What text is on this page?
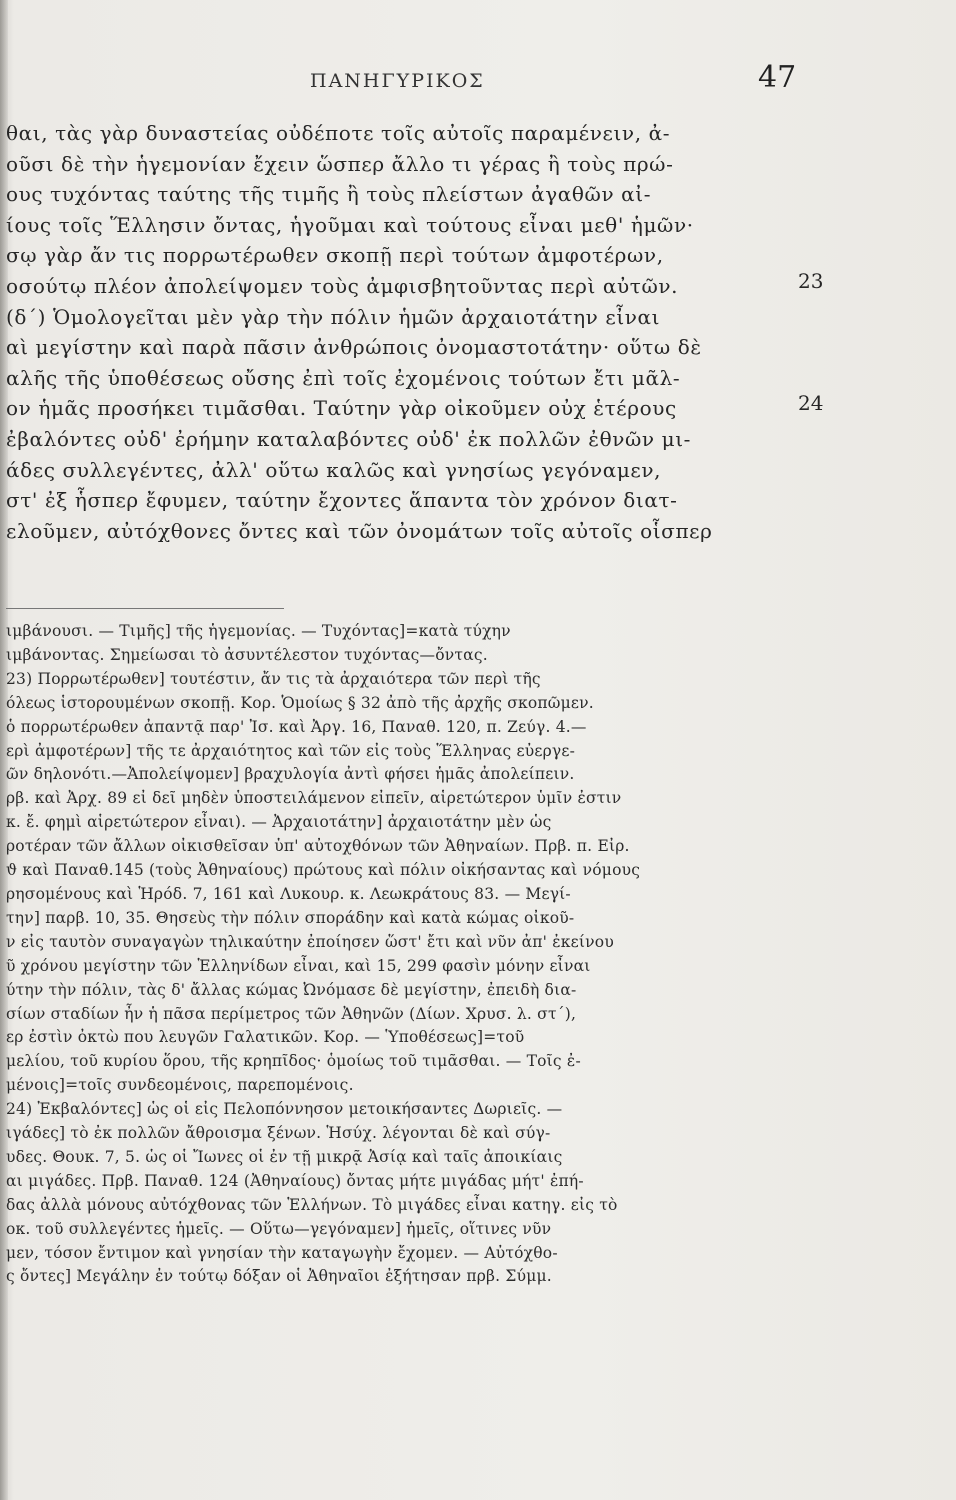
ΠΑΝΗΓΥΡΙΚΟΣ	47
θαι, τὰς γὰρ δυναστείας οὐδέποτε τοῖς αὐτοῖς παραμένειν, ἀ-
οῦσι δὲ τὴν ἡγεμονίαν ἔχειν ὥσπερ ἄλλο τι γέρας ἢ τοὺς πρώ-
ους τυχόντας ταύτης τῆς τιμῆς ἢ τοὺς πλείστων ἀγαθῶν αἰ-
ίους τοῖς Ἕλλησιν ὄντας, ἡγοῦμαι καὶ τούτους εἶναι μεθ' ἡμῶν·
σῳ γὰρ ἄν τις πορρωτέρωθεν σκοπῇ περὶ τούτων ἀμφοτέρων,
οσούτῳ πλέον ἀπολείψομεν τοὺς ἀμφισβητοῦντας περὶ αὐτῶν.
(δ΄) Ὁμολογεῖται μὲν γὰρ τὴν πόλιν ἡμῶν ἀρχαιοτάτην εἶναι
αὶ μεγίστην καὶ παρὰ πᾶσιν ἀνθρώποις ὀνομαστοτάτην· οὕτω δὲ
αλῆς τῆς ὑποθέσεως οὔσης ἐπὶ τοῖς ἐχομένοις τούτων ἔτι μᾶλ-
ον ἡμᾶς προσήκει τιμᾶσθαι. Ταύτην γὰρ οἰκοῦμεν οὐχ ἑτέρους
ἐβαλόντες οὐδ' ἐρήμην καταλαβόντες οὐδ' ἐκ πολλῶν ἐθνῶν μι-
άδες συλλεγέντες, ἀλλ' οὕτω καλῶς καὶ γνησίως γεγόναμεν,
στ' ἐξ ἧσπερ ἔφυμεν, ταύτην ἔχοντες ἅπαντα τὸν χρόνον διατ-
ελοῦμεν, αὐτόχθονες ὄντες καὶ τῶν ὀνομάτων τοῖς αὐτοῖς οἷσπερ
23
24
ιμβάνουσι. — Τιμῆς] τῆς ἡγεμονίας. — Τυχόντας]=κατὰ τύχην
ιμβάνοντας. Σημείωσαι τὸ ἀσυντέλεστον τυχόντας—ὄντας.
23) Πορρωτέρωθεν] τουτέστιν, ἄν τις τὰ ἀρχαιότερα τῶν περὶ τῆς
όλεως ἱστορουμένων σκοπῇ. Κορ. Ὁμοίως § 32 ἀπὸ τῆς ἀρχῆς σκοπῶμεν.
ὁ πορρωτέρωθεν ἀπαντᾷ παρ' Ἰσ. καὶ Ἀργ. 16, Παναθ. 120, π. Ζεύγ. 4.—
ερὶ ἀμφοτέρων] τῆς τε ἀρχαιότητος καὶ τῶν εἰς τοὺς Ἕλληνας εὐεργε-
ῶν δηλονότι.—Ἀπολείψομεν] βραχυλογία ἀντὶ φήσει ἡμᾶς ἀπολείπειν.
ρβ. καὶ Ἀρχ. 89 εἰ δεῖ μηδὲν ὑποστειλάμενον εἰπεῖν, αἱρετώτερον ὑμῖν ἐστιν
κ. ἔ. φημὶ αἱρετώτερον εἶναι). — Ἀρχαιοτάτην] ἀρχαιοτάτην μὲν ὡς
ροτέραν τῶν ἄλλων οἰκισθεῖσαν ὑπ' αὐτοχθόνων τῶν Ἀθηναίων. Πρβ. π. Εἰρ.
ϑ καὶ Παναθ.145 (τοὺς Ἀθηναίους) πρώτους καὶ πόλιν οἰκήσαντας καὶ νόμους
ρησομένους καὶ Ἡρόδ. 7, 161 καὶ Λυκουρ. κ. Λεωκράτους 83. — Μεγί-
την] παρβ. 10, 35. Θησεὺς τὴν πόλιν σποράδην καὶ κατὰ κώμας οἰκοῦ-
ν εἰς ταυτὸν συναγαγὼν τηλικαύτην ἐποίησεν ὥστ' ἔτι καὶ νῦν ἀπ' ἐκείνου
ῦ χρόνου μεγίστην τῶν Ἑλληνίδων εἶναι, καὶ 15, 299 φασὶν μόνην εἶναι
ύτην τὴν πόλιν, τὰς δ' ἄλλας κώμας Ὠνόμασε δὲ μεγίστην, ἐπειδὴ δια-
σίων σταδίων ἦν ἡ πᾶσα περίμετρος τῶν Ἀθηνῶν (Δίων. Χρυσ. λ. στ΄),
ερ ἐστὶν ὀκτὼ που λευγῶν Γαλατικῶν. Κορ. — Ὑποθέσεως]=τοῦ
μελίου, τοῦ κυρίου ὅρου, τῆς κρηπῖδος· ὁμοίως τοῦ τιμᾶσθαι. — Τοῖς ἐ-
μένοις]=τοῖς συνδεομένοις, παρεπομένοις.
24) Ἐκβαλόντες] ὡς οἱ εἰς Πελοπόννησον μετοικήσαντες Δωριεῖς. —
ιγάδες] τὸ ἐκ πολλῶν ἄθροισμα ξένων. Ἡσύχ. λέγονται δὲ καὶ σύγ-
υδες. Θουκ. 7, 5. ὡς οἱ Ἴωνες οἱ ἐν τῇ μικρᾷ Ἀσίᾳ καὶ ταῖς ἀποικίαις
αι μιγάδες. Πρβ. Παναθ. 124 (Ἀθηναίους) ὄντας μήτε μιγάδας μήτ' ἐπή-
δας ἀλλὰ μόνους αὐτόχθονας τῶν Ἑλλήνων. Τὸ μιγάδες εἶναι κατηγ. εἰς τὸ
οκ. τοῦ συλλεγέντες ἡμεῖς. — Οὕτω—γεγόναμεν] ἡμεῖς, οἵτινες νῦν
μεν, τόσον ἔντιμον καὶ γνησίαν τὴν καταγωγὴν ἔχομεν. — Αὐτόχθο-
ς ὄντες] Μεγάλην ἐν τούτῳ δόξαν οἱ Ἀθηναῖοι ἐξήτησαν πρβ. Σύμμ.
